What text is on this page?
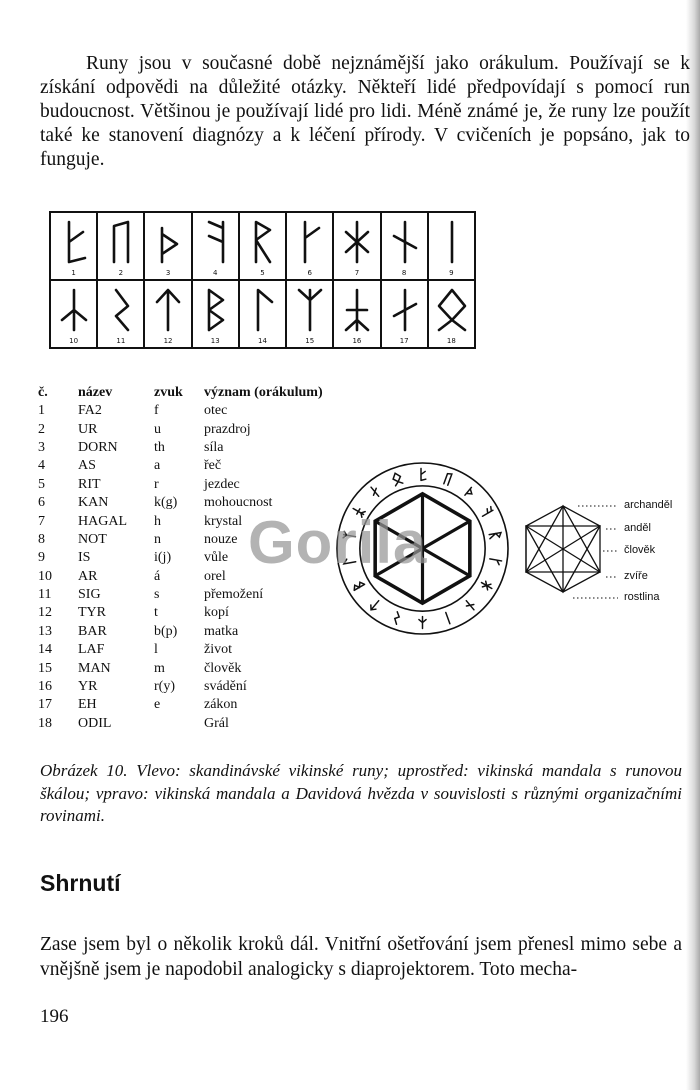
Runy jsou v současné době nejznámější jako orákulum. Používají se k získání odpovědi na důležité otázky. Někteří lidé předpovídají s pomocí run budoucnost. Většinou je používají lidé pro lidi. Méně známé je, že runy lze použít také ke stanovení diagnózy a k léčení přírody. V cvičeních je popsáno, jak to funguje.

1	2	3	4	5	6	7	8	9
10	11	12	13	14	15	16	17	18
č.	název	zvuk	význam (orákulum)
1	FA2	f	otec
2	UR	u	prazdroj
3	DORN	th	síla
4	AS	a	řeč
5	RIT	r	jezdec
6	KAN	k(g)	mohoucnost
7	HAGAL	h	krystal
8	NOT	n	nouze
9	IS	i(j)	vůle
10	AR	á	orel
11	SIG	s	přemožení
12	TYR	t	kopí
13	BAR	b(p)	matka
14	LAF	l	život
15	MAN	m	člověk
16	YR	r(y)	svádění
17	EH	e	zákon
18	ODIL		Grál
archanděl
anděl
člověk
zvíře
rostlina
Gorila
Obrázek 10. Vlevo: skandinávské vikinské runy; uprostřed: vikinská mandala s runovou škálou; vpravo: vikinská mandala a Davidová hvězda v souvislosti s různými organizačními rovinami.
Shrnutí
Zase jsem byl o několik kroků dál. Vnitřní ošetřování jsem přenesl mimo sebe a vnějšně jsem je napodobil analogicky s diaprojektorem. Toto mecha-
196
